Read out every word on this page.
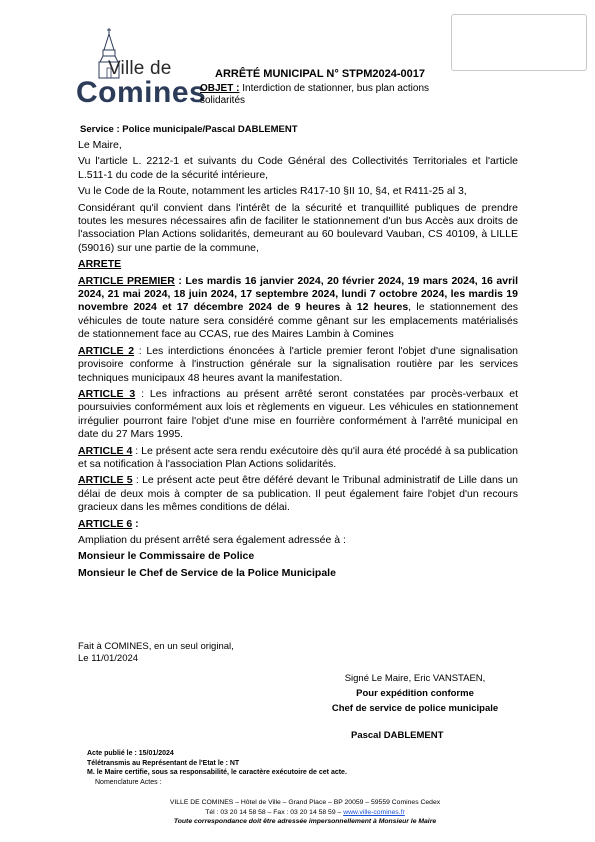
Ville de
Comines
ARRÊTÉ MUNICIPAL N° STPM2024-0017
OBJET : Interdiction de stationner, bus plan actions solidarités
Service : Police municipale/Pascal DABLEMENT

Le Maire,

Vu l'article L. 2212-1 et suivants du Code Général des Collectivités Territoriales et l'article L.511-1 du code de la sécurité intérieure,

Vu le Code de la Route, notamment les articles R417-10 §II 10, §4, et R411-25 al 3,

Considérant qu'il convient dans l'intérêt de la sécurité et tranquillité publiques de prendre toutes les mesures nécessaires afin de faciliter le stationnement d'un bus Accès aux droits de l'association Plan Actions solidarités, demeurant au 60 boulevard Vauban, CS 40109, à LILLE (59016) sur une partie de la commune,

ARRETE

ARTICLE PREMIER : Les mardis 16 janvier 2024, 20 février 2024, 19 mars 2024, 16 avril 2024, 21 mai 2024, 18 juin 2024, 17 septembre 2024, lundi 7 octobre 2024, les mardis 19 novembre 2024 et 17 décembre 2024 de 9 heures à 12 heures, le stationnement des véhicules de toute nature sera considéré comme gênant sur les emplacements matérialisés de stationnement face au CCAS, rue des Maires Lambin à Comines

ARTICLE 2 : Les interdictions énoncées à l'article premier feront l'objet d'une signalisation provisoire conforme à l'instruction générale sur la signalisation routière par les services techniques municipaux 48 heures avant la manifestation.

ARTICLE 3 : Les infractions au présent arrêté seront constatées par procès-verbaux et poursuivies conformément aux lois et règlements en vigueur. Les véhicules en stationnement irrégulier pourront faire l'objet d'une mise en fourrière conformément à l'arrêté municipal en date du 27 Mars 1995.

ARTICLE 4 : Le présent acte sera rendu exécutoire dès qu'il aura été procédé à sa publication et sa notification à l'association Plan Actions solidarités.

ARTICLE 5 : Le présent acte peut être déféré devant le Tribunal administratif de Lille dans un délai de deux mois à compter de sa publication. Il peut également faire l'objet d'un recours gracieux dans les mêmes conditions de délai.

ARTICLE 6 :

Ampliation du présent arrêté sera également adressée à :

Monsieur le Commissaire de Police

Monsieur le Chef de Service de la Police Municipale

Fait à COMINES, en un seul original,
Le 11/01/2024
Signé Le Maire, Eric VANSTAEN,
Pour expédition conforme
Chef de service de police municipale
Pascal DABLEMENT
Acte publié le : 15/01/2024
Télétransmis au Représentant de l'Etat le : NT
M. le Maire certifie, sous sa responsabilité, le caractère exécutoire de cet acte.
Nomenclature Actes :
VILLE DE COMINES – Hôtel de Ville – Grand Place – BP 20059 – 59559 Comines Cedex
Tél : 03 20 14 58 58 – Fax : 03 20 14 58 59 – www.ville-comines.fr
Toute correspondance doit être adressée impersonnellement à Monsieur le Maire
